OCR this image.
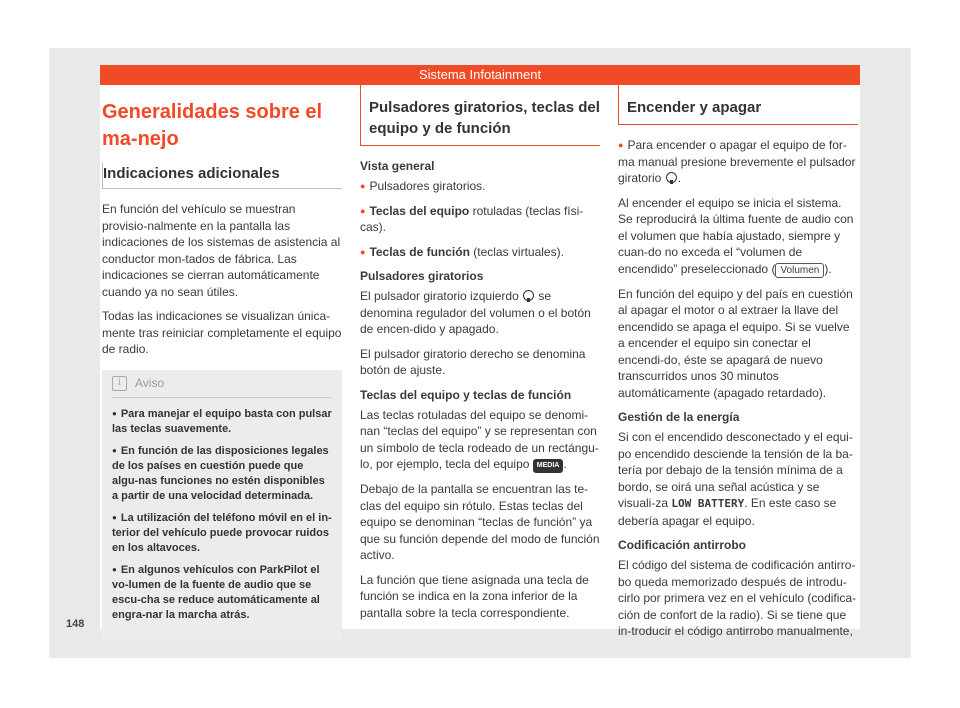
Sistema Infotainment
Generalidades sobre el ma-nejo
Indicaciones adicionales

En función del vehículo se muestran provisio-nalmente en la pantalla las indicaciones de los sistemas de asistencia al conductor mon-tados de fábrica. Las indicaciones se cierran automáticamente cuando ya no sean útiles.

Todas las indicaciones se visualizan única-mente tras reiniciar completamente el equipo de radio.

i	Aviso

● Para manejar el equipo basta con pulsar las teclas suavemente.

● En función de las disposiciones legales de los países en cuestión puede que algu-nas funciones no estén disponibles a partir de una velocidad determinada.

● La utilización del teléfono móvil en el in-terior del vehículo puede provocar ruidos en los altavoces.

● En algunos vehículos con ParkPilot el vo-lumen de la fuente de audio que se escu-cha se reduce automáticamente al engra-nar la marcha atrás.

Pulsadores giratorios, teclas del equipo y de función

Vista general

● Pulsadores giratorios.

● Teclas del equipo rotuladas (teclas físi-cas).

● Teclas de función (teclas virtuales).

Pulsadores giratorios

El pulsador giratorio izquierdo  se denomina regulador del volumen o el botón de encen-dido y apagado.

El pulsador giratorio derecho se denomina botón de ajuste.

Teclas del equipo y teclas de función

Las teclas rotuladas del equipo se denomi-nan “teclas del equipo” y se representan con un símbolo de tecla rodeado de un rectángu-lo, por ejemplo, tecla del equipo MEDIA .

Debajo de la pantalla se encuentran las te-clas del equipo sin rótulo. Estas teclas del equipo se denominan “teclas de función” ya que su función depende del modo de función activo.

La función que tiene asignada una tecla de función se indica en la zona inferior de la pantalla sobre la tecla correspondiente.

Encender y apagar

● Para encender o apagar el equipo de for-ma manual presione brevemente el pulsador giratorio .

Al encender el equipo se inicia el sistema. Se reproducirá la última fuente de audio con el volumen que había ajustado, siempre y cuan-do no exceda el “volumen de encendido” preseleccionado ( Volumen ).

En función del equipo y del país en cuestión al apagar el motor o al extraer la llave del encendido se apaga el equipo. Si se vuelve a encender el equipo sin conectar el encendi-do, éste se apagará de nuevo transcurridos unos 30 minutos automáticamente (apagado retardado).

Gestión de la energía

Si con el encendido desconectado y el equi-po encendido desciende la tensión de la ba-tería por debajo de la tensión mínima de a bordo, se oirá una señal acústica y se visuali-za LOW BATTERY. En este caso se debería apagar el equipo.

Codificación antirrobo

El código del sistema de codificación antirro-bo queda memorizado después de introdu-cirlo por primera vez en el vehículo (codifica-ción de confort de la radio). Si se tiene que in-troducir el código antirrobo manualmente,

148
